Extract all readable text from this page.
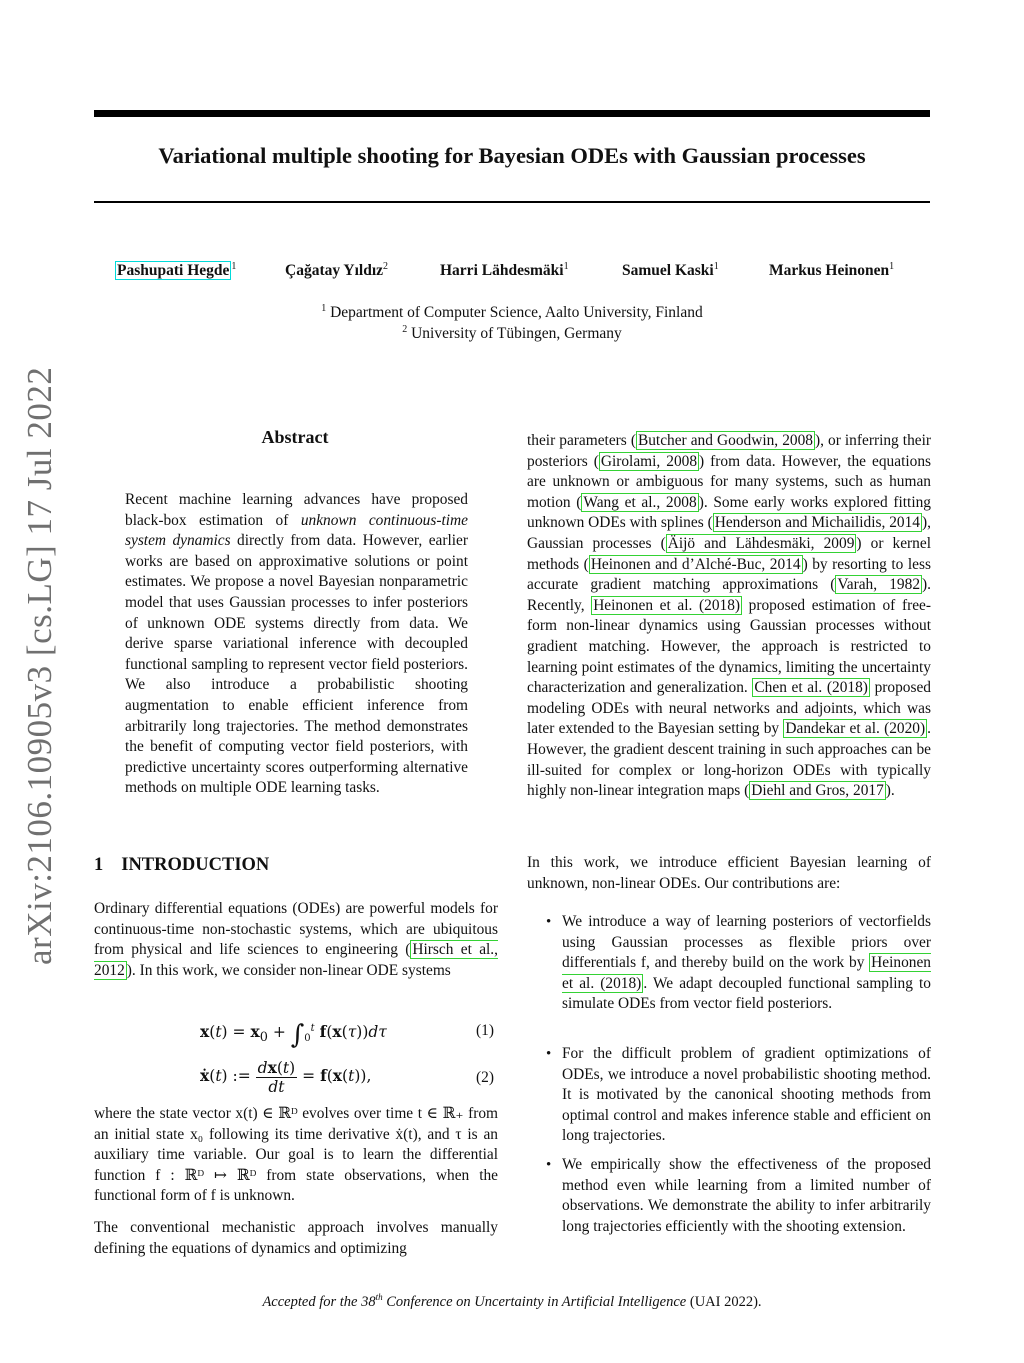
Variational multiple shooting for Bayesian ODEs with Gaussian processes
Pashupati Hegde $^1$	Çağatay Yıldız$^2$	Harri Lähdesmäki$^1$	Samuel Kaski$^1$	Markus Heinonen$^1$
$^1$ Department of Computer Science, Aalto University, Finland
$^2$ University of Tübingen, Germany
arXiv:2106.10905v3 [cs.LG] 17 Jul 2022	Abstract
Recent machine learning advances have proposed black-box estimation of unknown continuous-time system dynamics directly from data. However, earlier works are based on approximative solutions or point estimates. We propose a novel Bayesian nonparametric model that uses Gaussian processes to infer posteriors of unknown ODE systems directly from data. We derive sparse variational inference with decoupled functional sampling to represent vector field posteriors. We also introduce a probabilistic shooting augmentation to enable efficient inference from arbitrarily long trajectories. The method demonstrates the benefit of computing vector field posteriors, with predictive uncertainty scores outperforming alternative methods on multiple ODE learning tasks.
1 INTRODUCTION
Ordinary differential equations (ODEs) are powerful models for continuous-time non-stochastic systems, which are ubiquitous from physical and life sciences to engineering ( Hirsch et al., 2012 ). In this work, we consider non-linear ODE systems
$x(t) = x_0 + \int_0^t$ f(x(τ))dτ	(1)
ẋ(t) := $\frac{dx(t)}{dt} = f(x(t))$,	(2)
where the state vector x(t) ∈ ℝᴰ evolves over time t ∈ ℝ₊ from an initial state x₀ following its time derivative ẋ(t), and τ is an auxiliary time variable. Our goal is to learn the differential function f : ℝᴰ ↦ ℝᴰ from state observations, when the functional form of f is unknown.
The conventional mechanistic approach involves manually defining the equations of dynamics and optimizing
their parameters ( Butcher and Goodwin, 2008 ), or inferring their posteriors ( Girolami, 2008 ) from data. However, the equations are unknown or ambiguous for many systems, such as human motion ( Wang et al., 2008 ). Some early works explored fitting unknown ODEs with splines ( Henderson and Michailidis, 2014 ), Gaussian processes ( Äijö and Lähdesmäki, 2009 ) or kernel methods ( Heinonen and d’Alché-Buc, 2014 ) by resorting to less accurate gradient matching approximations ( Varah, 1982 ). Recently, Heinonen et al. (2018) proposed estimation of free-form non-linear dynamics using Gaussian processes without gradient matching. However, the approach is restricted to learning point estimates of the dynamics, limiting the uncertainty characterization and generalization. Chen et al. (2018) proposed modeling ODEs with neural networks and adjoints, which was later extended to the Bayesian setting by Dandekar et al. (2020) . However, the gradient descent training in such approaches can be ill-suited for complex or long-horizon ODEs with typically highly non-linear integration maps ( Diehl and Gros, 2017 ).
In this work, we introduce efficient Bayesian learning of unknown, non-linear ODEs. Our contributions are:
• We introduce a way of learning posteriors of vectorfields using Gaussian processes as flexible priors over differentials f, and thereby build on the work by Heinonen et al. (2018) . We adapt decoupled functional sampling to simulate ODEs from vector field posteriors.
• For the difficult problem of gradient optimizations of ODEs, we introduce a novel probabilistic shooting method. It is motivated by the canonical shooting methods from optimal control and makes inference stable and efficient on long trajectories.
• We empirically show the effectiveness of the proposed method even while learning from a limited number of observations. We demonstrate the ability to infer arbitrarily long trajectories efficiently with the shooting extension.
Accepted for the 38th Conference on Uncertainty in Artificial Intelligence (UAI 2022).
